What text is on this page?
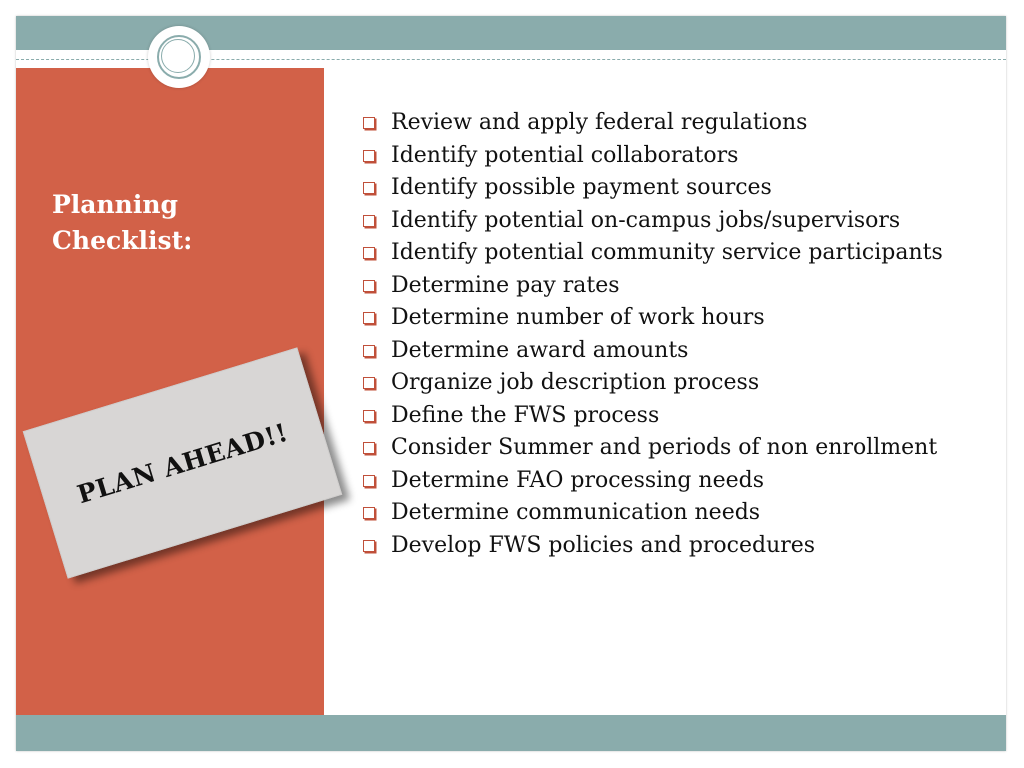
Planning Checklist:
PLAN AHEAD!!
Review and apply federal regulations
Identify potential collaborators
Identify possible payment sources
Identify potential on-campus jobs/supervisors
Identify potential community service participants
Determine pay rates
Determine number of work hours
Determine award amounts
Organize job description process
Define the FWS process
Consider Summer and periods of non enrollment
Determine FAO processing needs
Determine communication needs
Develop FWS policies and procedures
